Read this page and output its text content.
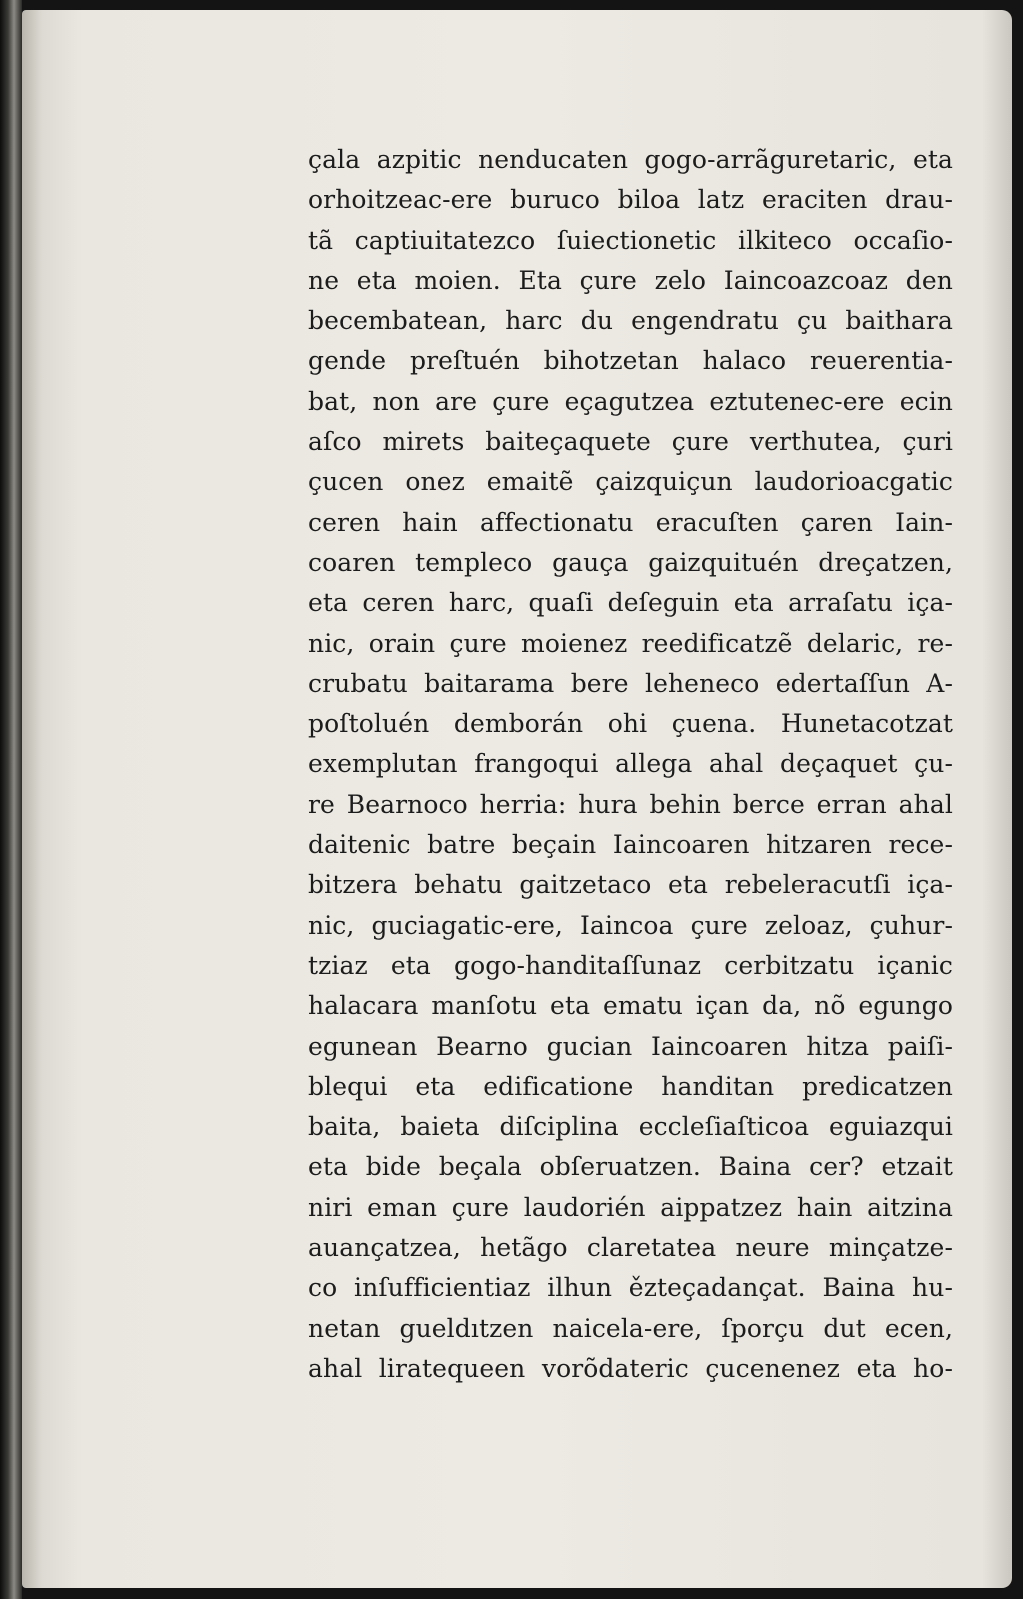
çala azpitic nenducaten gogo-arrãguretaric, eta
orhoitzeac-ere buruco biloa latz eraciten drau-
tã captiuitatezco ſuiectionetic ilkiteco occaſio-
ne eta moien. Eta çure zelo Iaincoazcoaz den
becembatean, harc du engendratu çu baithara
gende preſtuén bihotzetan halaco reuerentia-
bat, non are çure eçagutzea eztutenec-ere ecin
aſco mirets baiteçaquete çure verthutea, çuri
çucen onez emaitẽ çaizquiçun laudorioacgatic
ceren hain affectionatu eracuſten çaren Iain-
coaren templeco gauça gaizquituén dreçatzen,
eta ceren harc, quaſi deſeguin eta arraſatu iça-
nic, orain çure moienez reedificatzẽ delaric, re-
crubatu baitarama bere leheneco edertaſſun A-
poſtoluén demborán ohi çuena. Hunetacotzat
exemplutan frangoqui allega ahal deçaquet çu-
re Bearnoco herria: hura behin berce erran ahal
daitenic batre beçain Iaincoaren hitzaren rece-
bitzera behatu gaitzetaco eta rebeleracutſi iça-
nic, guciagatic-ere, Iaincoa çure zeloaz, çuhur-
tziaz eta gogo-handitaſſunaz cerbitzatu içanic
halacara manſotu eta ematu içan da, nõ egungo
egunean Bearno gucian Iaincoaren hitza paiſi-
blequi eta edificatione handitan predicatzen
baita, baieta diſciplina eccleſiaſticoa eguiazqui
eta bide beçala obſeruatzen. Baina cer? etzait
niri eman çure laudorién aippatzez hain aitzina
auançatzea, hetãgo claretatea neure minçatze-
co inſufficientiaz ilhun ězteçadançat. Baina hu-
netan gueldıtzen naicela-ere, ſporçu dut ecen,
ahal liratequeen vorõdateric çucenenez eta ho-
